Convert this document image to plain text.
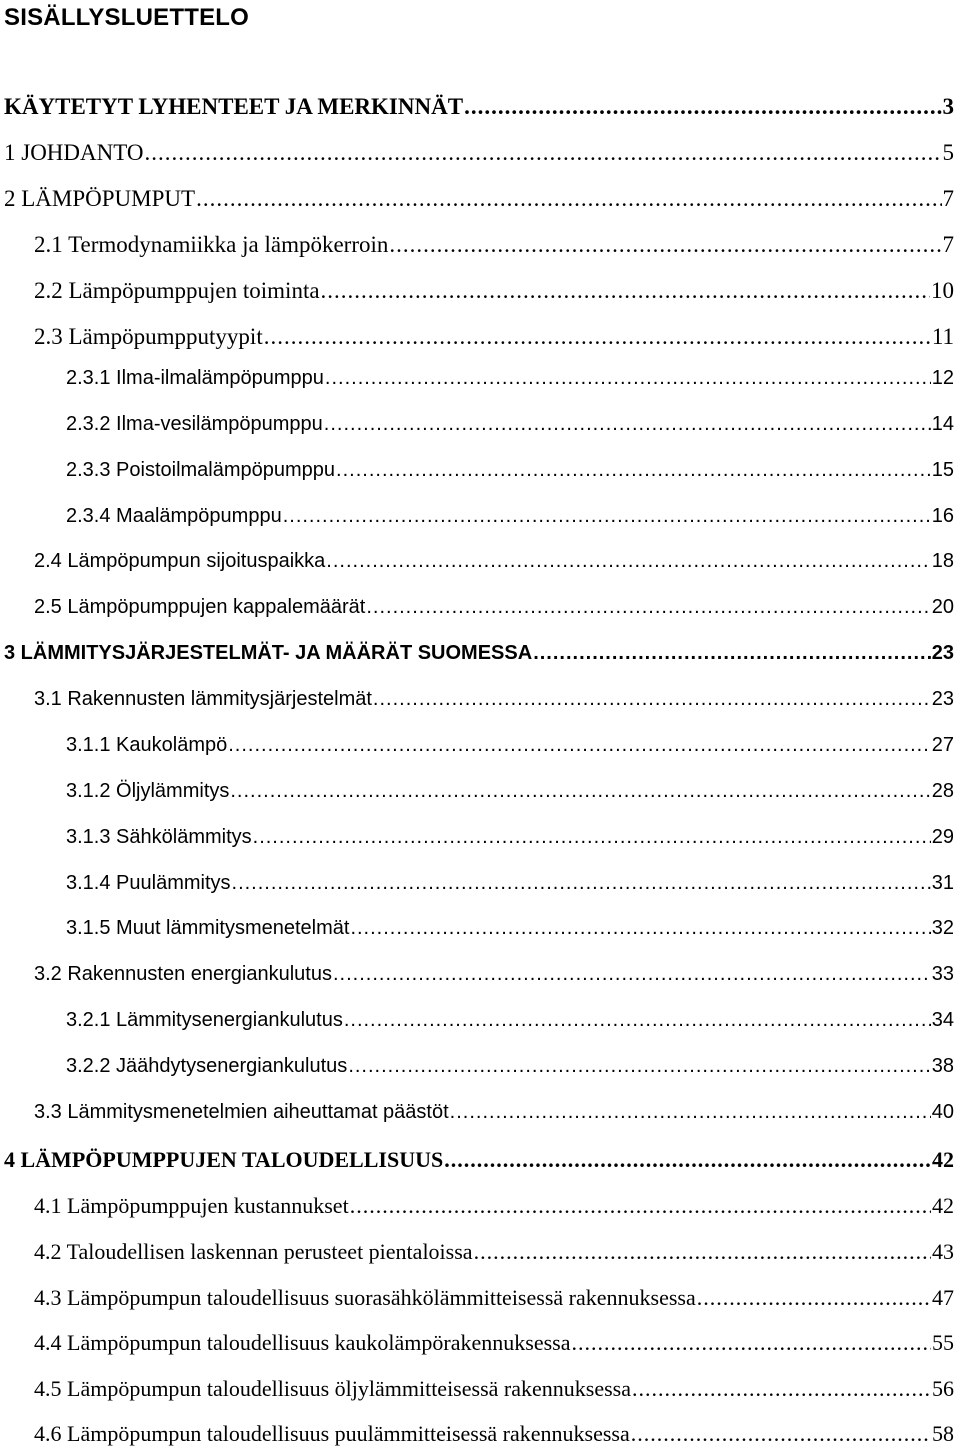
SISÄLLYSLUETTELO
KÄYTETYT LYHENTEET JA MERKINNÄT .....	3
1 JOHDANTO .....	5
2 LÄMPÖPUMPUT .....	7
2.1 Termodynamiikka ja lämpökerroin .....	7
2.2 Lämpöpumppujen toiminta .....	10
2.3 Lämpöpumpputyypit .....	11
2.3.1 Ilma-ilmalämpöpumppu .....	12
2.3.2 Ilma-vesilämpöpumppu .....	14
2.3.3 Poistoilmalämpöpumppu .....	15
2.3.4 Maalämpöpumppu .....	16
2.4 Lämpöpumpun sijoituspaikka .....	18
2.5 Lämpöpumppujen kappalemäärät .....	20
3 LÄMMITYSJÄRJESTELMÄT- JA MÄÄRÄT SUOMESSA .....	23
3.1 Rakennusten lämmitysjärjestelmät .....	23
3.1.1 Kaukolämpö .....	27
3.1.2 Öljylämmitys .....	28
3.1.3 Sähkölämmitys .....	29
3.1.4 Puulämmitys .....	31
3.1.5 Muut lämmitysmenetelmät .....	32
3.2 Rakennusten energiankulutus .....	33
3.2.1 Lämmitysenergiankulutus .....	34
3.2.2 Jäähdytysenergiankulutus .....	38
3.3 Lämmitysmenetelmien aiheuttamat päästöt .....	40
4 LÄMPÖPUMPPUJEN TALOUDELLISUUS .....	42
4.1 Lämpöpumppujen kustannukset .....	42
4.2 Taloudellisen laskennan perusteet pientaloissa .....	43
4.3 Lämpöpumpun taloudellisuus suorasähkölämmitteisessä rakennuksessa .....	47
4.4 Lämpöpumpun taloudellisuus kaukolämpörakennuksessa .....	55
4.5 Lämpöpumpun taloudellisuus öljylämmitteisessä rakennuksessa .....	56
4.6 Lämpöpumpun taloudellisuus puulämmitteisessä rakennuksessa .....	58
